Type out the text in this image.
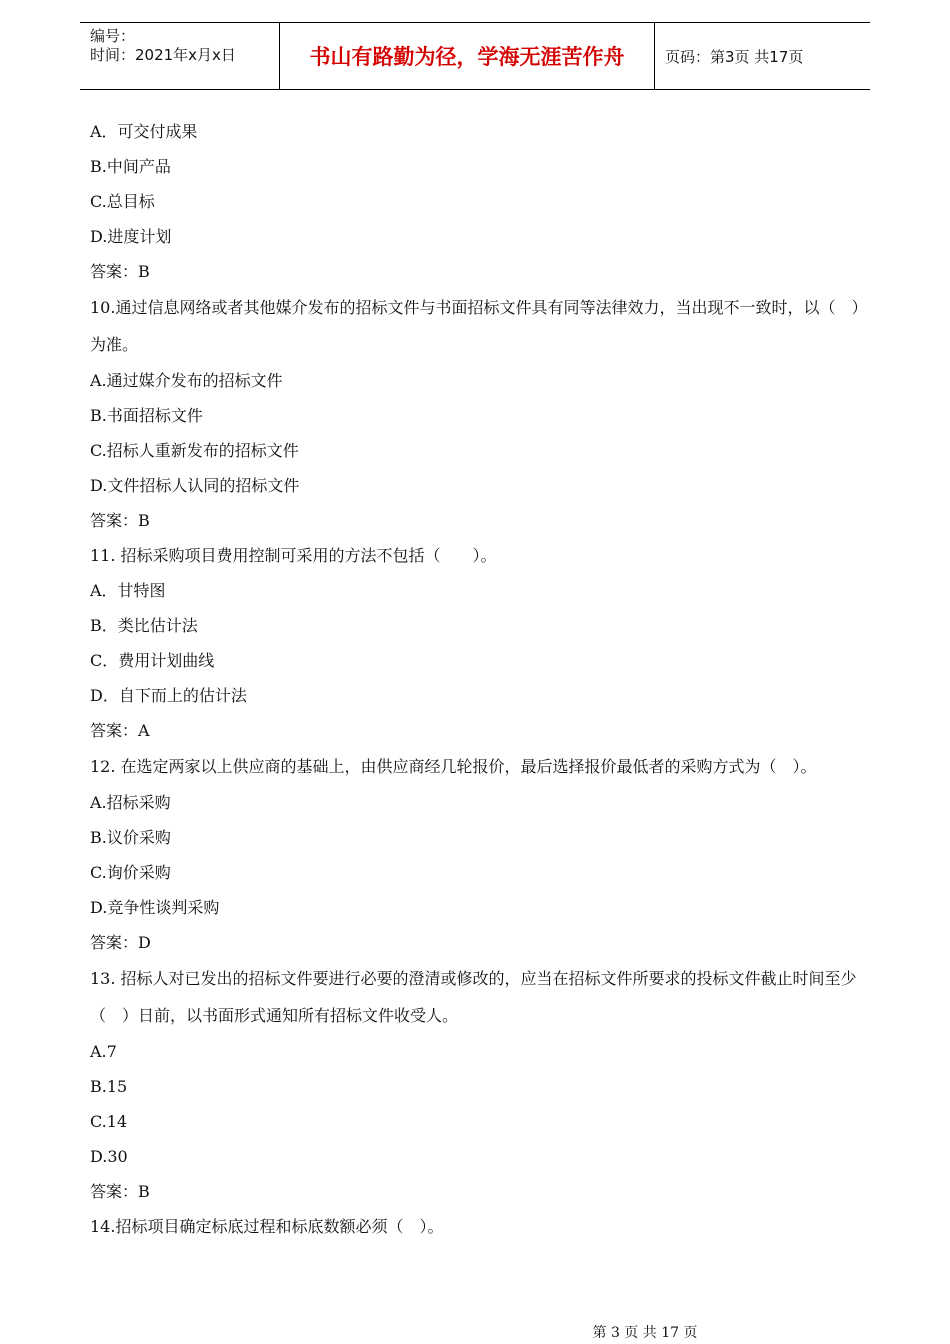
编号：
时间：2021年x月x日	书山有路勤为径，学海无涯苦作舟	页码：第3页 共17页
A．可交付成果
B.中间产品
C.总目标
D.进度计划
答案：B
10.通过信息网络或者其他媒介发布的招标文件与书面招标文件具有同等法律效力，当出现不一致时，以（　）为准。
A.通过媒介发布的招标文件
B.书面招标文件
C.招标人重新发布的招标文件
D.文件招标人认同的招标文件
答案：B
11. 招标采购项目费用控制可采用的方法不包括（　　）。
A．甘特图
B．类比估计法
C．费用计划曲线
D．自下而上的估计法
答案：A
12. 在选定两家以上供应商的基础上，由供应商经几轮报价，最后选择报价最低者的采购方式为（　）。
A.招标采购
B.议价采购
C.询价采购
D.竞争性谈判采购
答案：D
13. 招标人对已发出的招标文件要进行必要的澄清或修改的，应当在招标文件所要求的投标文件截止时间至少（　）日前，以书面形式通知所有招标文件收受人。
A.7
B.15
C.14
D.30
答案：B
14.招标项目确定标底过程和标底数额必须（　）。
第 3 页 共 17 页
